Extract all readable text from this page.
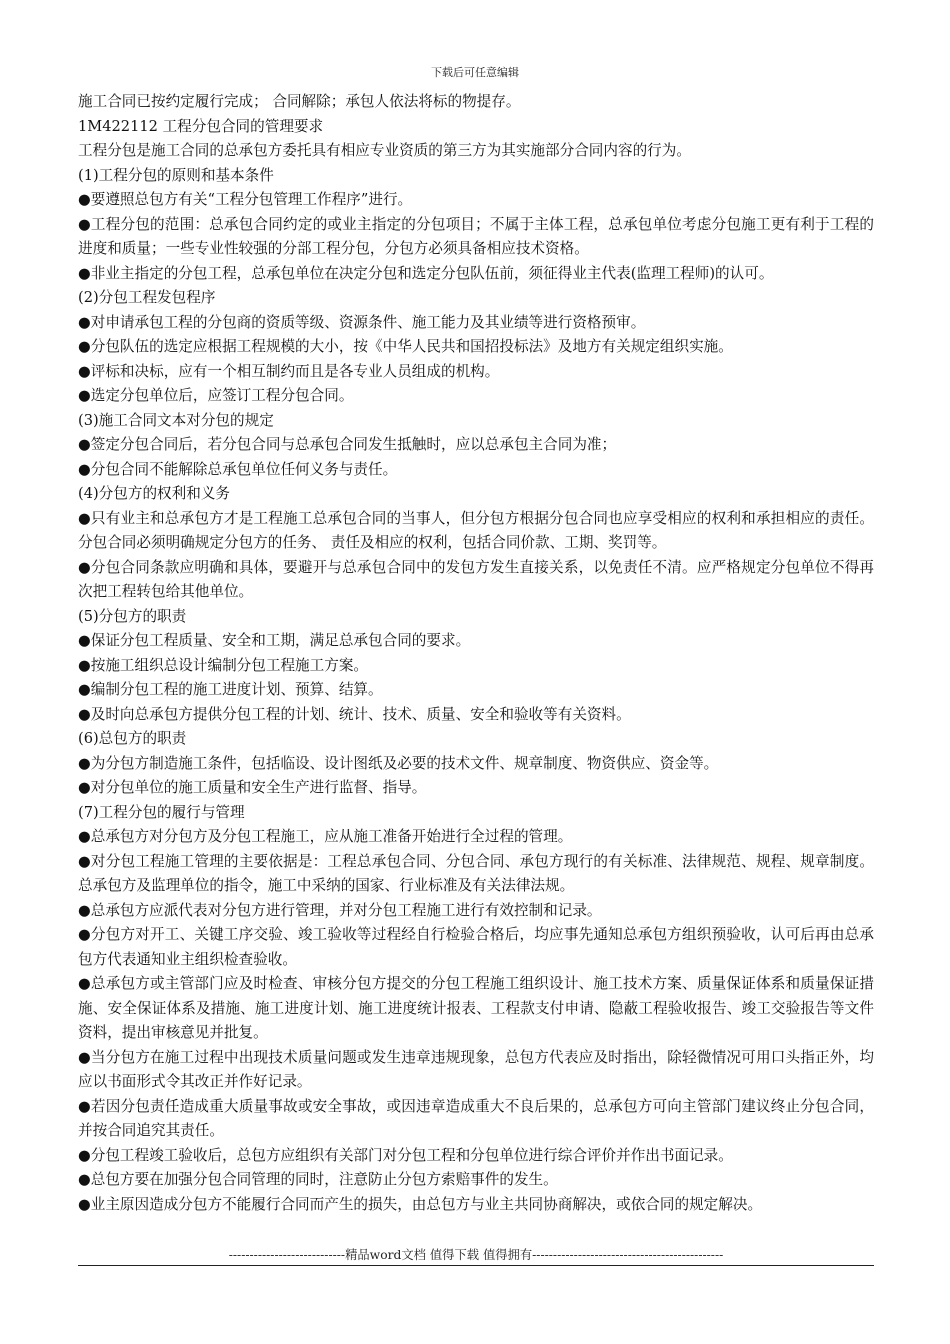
下载后可任意编辑
施工合同已按约定履行完成； 合同解除；承包人依法将标的物提存。
1M422112 工程分包合同的管理要求
工程分包是施工合同的总承包方委托具有相应专业资质的第三方为其实施部分合同内容的行为。
(1)工程分包的原则和基本条件
●要遵照总包方有关“工程分包管理工作程序”进行。
●工程分包的范围：总承包合同约定的或业主指定的分包项目；不属于主体工程，总承包单位考虑分包施工更有利于工程的进度和质量；一些专业性较强的分部工程分包，分包方必须具备相应技术资格。
●非业主指定的分包工程，总承包单位在决定分包和选定分包队伍前，须征得业主代表(监理工程师)的认可。
(2)分包工程发包程序
●对申请承包工程的分包商的资质等级、资源条件、施工能力及其业绩等进行资格预审。
●分包队伍的选定应根据工程规模的大小，按《中华人民共和国招投标法》及地方有关规定组织实施。
●评标和决标，应有一个相互制约而且是各专业人员组成的机构。
●选定分包单位后，应签订工程分包合同。
(3)施工合同文本对分包的规定
●签定分包合同后，若分包合同与总承包合同发生抵触时，应以总承包主合同为准；
●分包合同不能解除总承包单位任何义务与责任。
(4)分包方的权利和义务
●只有业主和总承包方才是工程施工总承包合同的当事人，但分包方根据分包合同也应享受相应的权利和承担相应的责任。分包合同必须明确规定分包方的任务、 责任及相应的权利，包括合同价款、工期、奖罚等。
●分包合同条款应明确和具体，要避开与总承包合同中的发包方发生直接关系，以免责任不清。应严格规定分包单位不得再次把工程转包给其他单位。
(5)分包方的职责
●保证分包工程质量、安全和工期，满足总承包合同的要求。
●按施工组织总设计编制分包工程施工方案。
●编制分包工程的施工进度计划、预算、结算。
●及时向总承包方提供分包工程的计划、统计、技术、质量、安全和验收等有关资料。
(6)总包方的职责
●为分包方制造施工条件，包括临设、设计图纸及必要的技术文件、规章制度、物资供应、资金等。
●对分包单位的施工质量和安全生产进行监督、指导。
(7)工程分包的履行与管理
●总承包方对分包方及分包工程施工，应从施工准备开始进行全过程的管理。
●对分包工程施工管理的主要依据是：工程总承包合同、分包合同、承包方现行的有关标准、法律规范、规程、规章制度。总承包方及监理单位的指令，施工中采纳的国家、行业标准及有关法律法规。
●总承包方应派代表对分包方进行管理，并对分包工程施工进行有效控制和记录。
●分包方对开工、关键工序交验、竣工验收等过程经自行检验合格后，均应事先通知总承包方组织预验收，认可后再由总承包方代表通知业主组织检查验收。
●总承包方或主管部门应及时检查、审核分包方提交的分包工程施工组织设计、施工技术方案、质量保证体系和质量保证措施、安全保证体系及措施、施工进度计划、施工进度统计报表、工程款支付申请、隐蔽工程验收报告、竣工交验报告等文件资料，提出审核意见并批复。
●当分包方在施工过程中出现技术质量问题或发生违章违规现象，总包方代表应及时指出，除轻微情况可用口头指正外，均应以书面形式令其改正并作好记录。
●若因分包责任造成重大质量事故或安全事故，或因违章造成重大不良后果的，总承包方可向主管部门建议终止分包合同，并按合同追究其责任。
●分包工程竣工验收后，总包方应组织有关部门对分包工程和分包单位进行综合评价并作出书面记录。
●总包方要在加强分包合同管理的同时，注意防止分包方索赔事件的发生。
●业主原因造成分包方不能履行合同而产生的损失，由总包方与业主共同协商解决，或依合同的规定解决。
----------------------------精品word文档 值得下载 值得拥有----------------------------------------------
